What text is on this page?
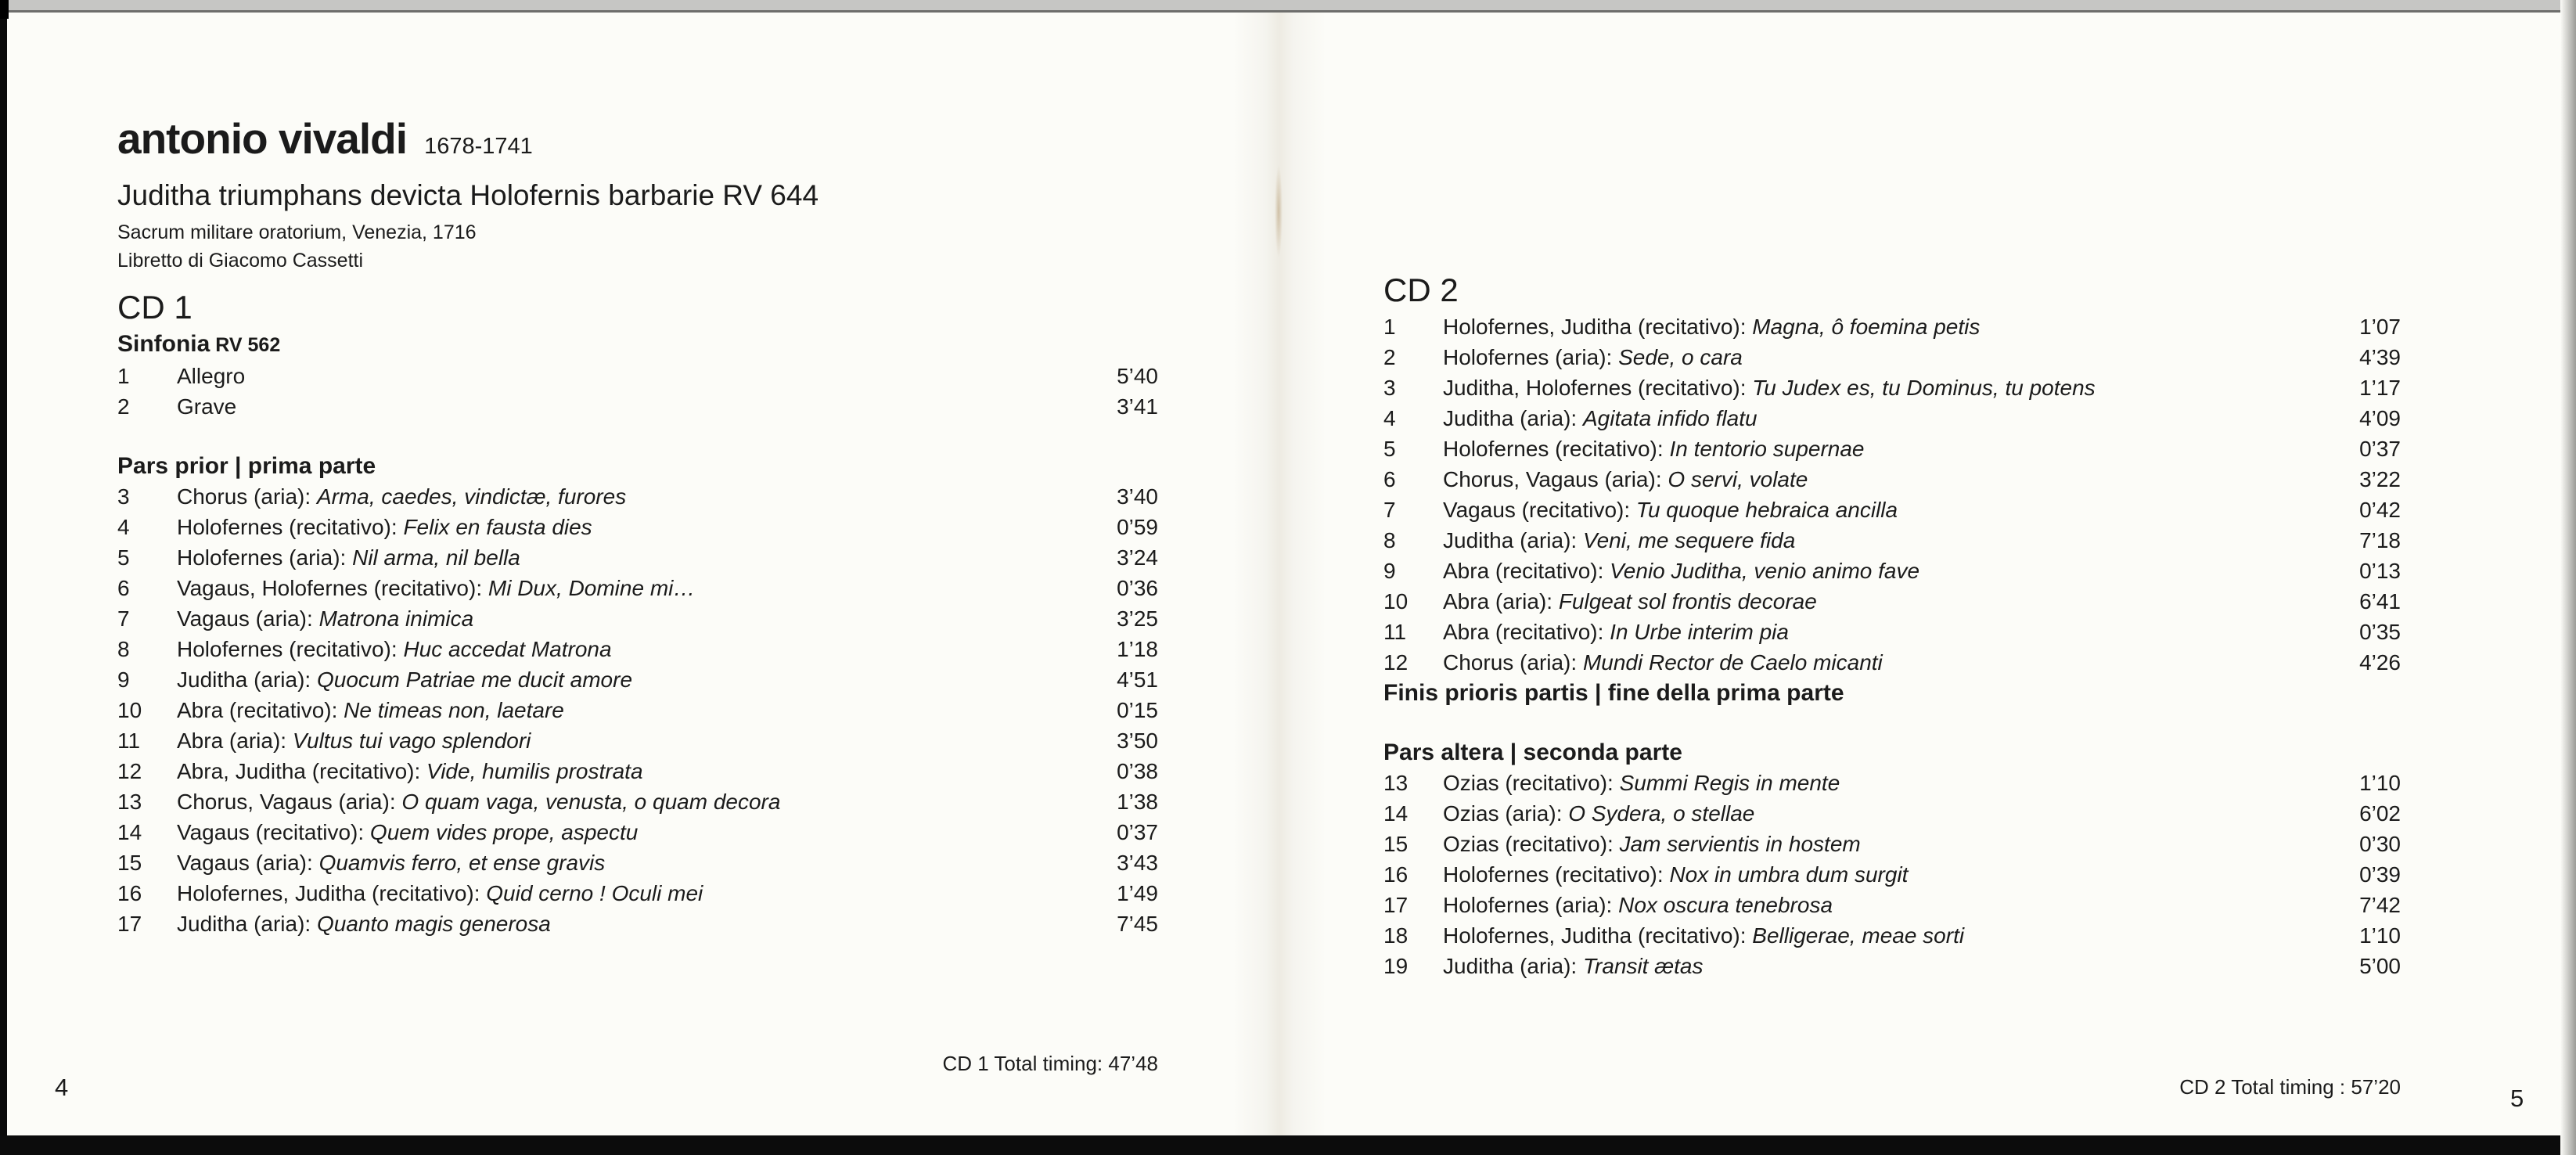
antonio vivaldi 1678-1741
Juditha triumphans devicta Holofernis barbarie RV 644
Sacrum militare oratorium, Venezia, 1716
Libretto di Giacomo Cassetti
CD 1
Sinfonia RV 562
1	Allegro	5’40
2	Grave	3’41
Pars prior | prima parte
3	Chorus (aria): Arma, caedes, vindictæ, furores	3’40
4	Holofernes (recitativo): Felix en fausta dies	0’59
5	Holofernes (aria): Nil arma, nil bella	3’24
6	Vagaus, Holofernes (recitativo): Mi Dux, Domine mi…	0’36
7	Vagaus (aria): Matrona inimica	3’25
8	Holofernes (recitativo): Huc accedat Matrona	1’18
9	Juditha (aria): Quocum Patriae me ducit amore	4’51
10	Abra (recitativo): Ne timeas non, laetare	0’15
11	Abra (aria): Vultus tui vago splendori	3’50
12	Abra, Juditha (recitativo): Vide, humilis prostrata	0’38
13	Chorus, Vagaus (aria): O quam vaga, venusta, o quam decora	1’38
14	Vagaus (recitativo): Quem vides prope, aspectu	0’37
15	Vagaus (aria): Quamvis ferro, et ense gravis	3’43
16	Holofernes, Juditha (recitativo): Quid cerno ! Oculi mei	1’49
17	Juditha (aria): Quanto magis generosa	7’45
CD 2
1	Holofernes, Juditha (recitativo): Magna, ô foemina petis	1’07
2	Holofernes (aria): Sede, o cara	4’39
3	Juditha, Holofernes (recitativo): Tu Judex es, tu Dominus, tu potens	1’17
4	Juditha (aria): Agitata infido flatu	4’09
5	Holofernes (recitativo): In tentorio supernae	0’37
6	Chorus, Vagaus (aria): O servi, volate	3’22
7	Vagaus (recitativo): Tu quoque hebraica ancilla	0’42
8	Juditha (aria): Veni, me sequere fida	7’18
9	Abra (recitativo): Venio Juditha, venio animo fave	0’13
10	Abra (aria): Fulgeat sol frontis decorae	6’41
11	Abra (recitativo): In Urbe interim pia	0’35
12	Chorus (aria): Mundi Rector de Caelo micanti	4’26
Finis prioris partis | fine della prima parte
Pars altera | seconda parte
13	Ozias (recitativo): Summi Regis in mente	1’10
14	Ozias (aria): O Sydera, o stellae	6’02
15	Ozias (recitativo): Jam servientis in hostem	0’30
16	Holofernes (recitativo): Nox in umbra dum surgit	0’39
17	Holofernes (aria): Nox oscura tenebrosa	7’42
18	Holofernes, Juditha (recitativo): Belligerae, meae sorti	1’10
19	Juditha (aria): Transit ætas	5’00
CD 1 Total timing: 47’48
CD 2 Total timing : 57’20
4	5
